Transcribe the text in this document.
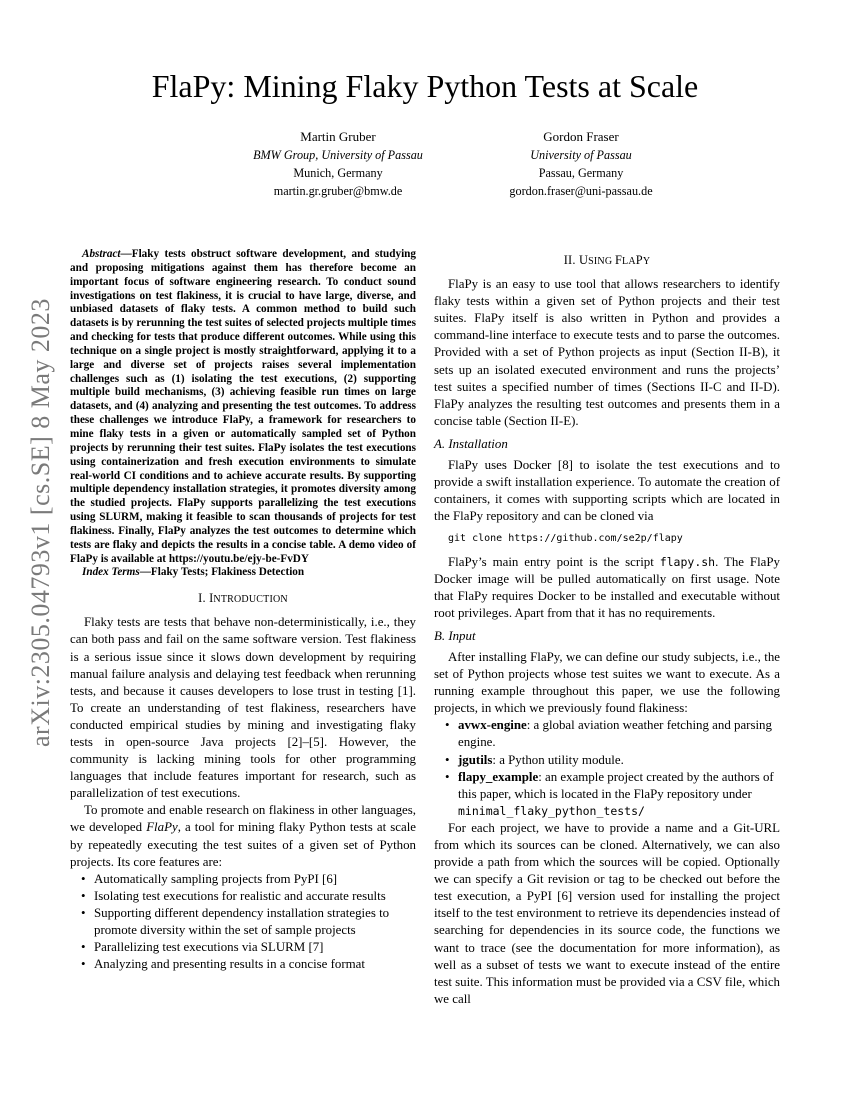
arXiv:2305.04793v1 [cs.SE] 8 May 2023
FlaPy: Mining Flaky Python Tests at Scale
Martin Gruber
BMW Group, University of Passau
Munich, Germany
martin.gr.gruber@bmw.de
Gordon Fraser
University of Passau
Passau, Germany
gordon.fraser@uni-passau.de

Abstract—Flaky tests obstruct software development, and studying and proposing mitigations against them has therefore become an important focus of software engineering research. To conduct sound investigations on test flakiness, it is crucial to have large, diverse, and unbiased datasets of flaky tests. A common method to build such datasets is by rerunning the test suites of selected projects multiple times and checking for tests that produce different outcomes. While using this technique on a single project is mostly straightforward, applying it to a large and diverse set of projects raises several implementation challenges such as (1) isolating the test executions, (2) supporting multiple build mechanisms, (3) achieving feasible run times on large datasets, and (4) analyzing and presenting the test outcomes. To address these challenges we introduce FlaPy, a framework for researchers to mine flaky tests in a given or automatically sampled set of Python projects by rerunning their test suites. FlaPy isolates the test executions using containerization and fresh execution environments to simulate real-world CI conditions and to achieve accurate results. By supporting multiple dependency installation strategies, it promotes diversity among the studied projects. FlaPy supports parallelizing the test executions using SLURM, making it feasible to scan thousands of projects for test flakiness. Finally, FlaPy analyzes the test outcomes to determine which tests are flaky and depicts the results in a concise table. A demo video of FlaPy is available at https://youtu.be/ejy-be-FvDY

Index Terms—Flaky Tests; Flakiness Detection

I. INTRODUCTION

Flaky tests are tests that behave non-deterministically, i.e., they can both pass and fail on the same software version. Test flakiness is a serious issue since it slows down development by requiring manual failure analysis and delaying test feedback when rerunning tests, and because it causes developers to lose trust in testing [1]. To create an understanding of test flakiness, researchers have conducted empirical studies by mining and investigating flaky tests in open-source Java projects [2]–[5]. However, the community is lacking mining tools for other programming languages that include features important for research, such as parallelization of test executions.

To promote and enable research on flakiness in other languages, we developed FlaPy, a tool for mining flaky Python tests at scale by repeatedly executing the test suites of a given set of Python projects. Its core features are:

• Automatically sampling projects from PyPI [6]
• Isolating test executions for realistic and accurate results
• Supporting different dependency installation strategies to promote diversity within the set of sample projects
• Parallelizing test executions via SLURM [7]
• Analyzing and presenting results in a concise format
II. USING FLAPY

FlaPy is an easy to use tool that allows researchers to identify flaky tests within a given set of Python projects and their test suites. FlaPy itself is also written in Python and provides a command-line interface to execute tests and to parse the outcomes. Provided with a set of Python projects as input (Section II-B), it sets up an isolated executed environment and runs the projects’ test suites a specified number of times (Sections II-C and II-D). FlaPy analyzes the resulting test outcomes and presents them in a concise table (Section II-E).

A. Installation

FlaPy uses Docker [8] to isolate the test executions and to provide a swift installation experience. To automate the creation of containers, it comes with supporting scripts which are located in the FlaPy repository and can be cloned via

git clone https://github.com/se2p/flapy

FlaPy’s main entry point is the script flapy.sh. The FlaPy Docker image will be pulled automatically on first usage. Note that FlaPy requires Docker to be installed and executable without root privileges. Apart from that it has no requirements.

B. Input

After installing FlaPy, we can define our study subjects, i.e., the set of Python projects whose test suites we want to execute. As a running example throughout this paper, we use the following projects, in which we previously found flakiness:

• avwx-engine: a global aviation weather fetching and parsing engine.
• jgutils: a Python utility module.
• flapy_example: an example project created by the authors of this paper, which is located in the FlaPy repository under minimal_flaky_python_tests/

For each project, we have to provide a name and a Git-URL from which its sources can be cloned. Alternatively, we can also provide a path from which the sources will be copied. Optionally we can specify a Git revision or tag to be checked out before the test execution, a PyPI [6] version used for installing the project itself to the test environment to retrieve its dependencies instead of searching for dependencies in its source code, the functions we want to trace (see the documentation for more information), as well as a subset of tests we want to execute instead of the entire test suite. This information must be provided via a CSV file, which we call
